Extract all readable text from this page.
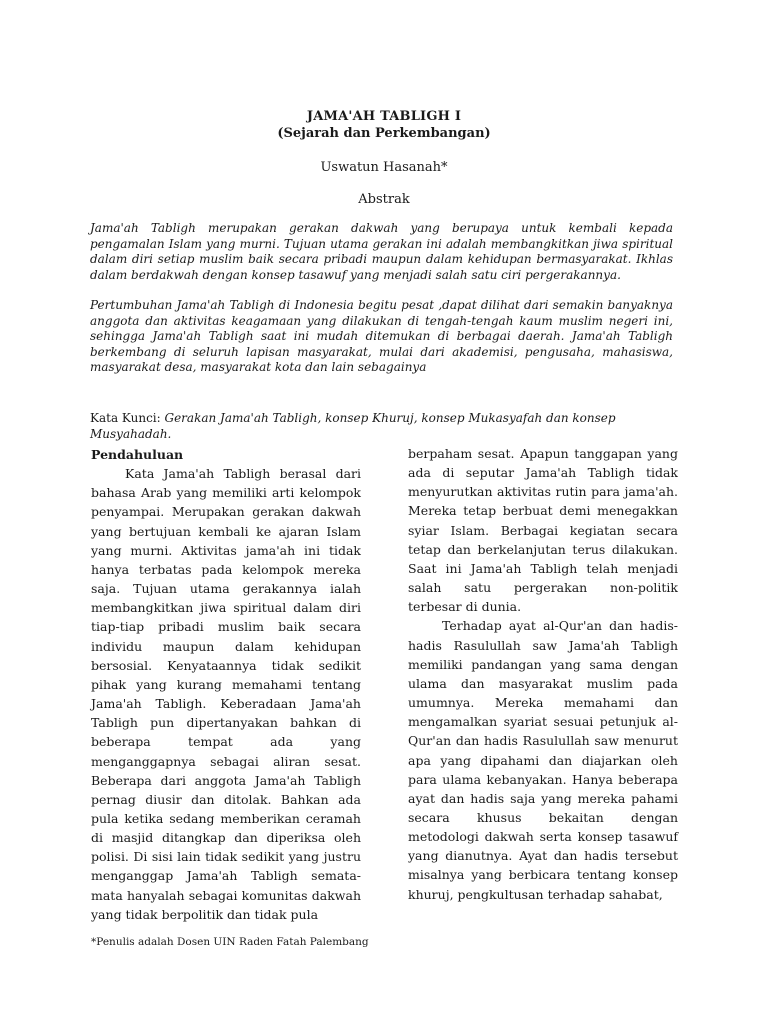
JAMA'AH TABLIGH I
(Sejarah dan Perkembangan)
Uswatun Hasanah*
Abstrak

Jama'ah Tabligh merupakan gerakan dakwah yang berupaya untuk kembali kepada pengamalan Islam yang murni. Tujuan utama gerakan ini adalah membangkitkan jiwa spiritual dalam diri setiap muslim baik secara pribadi maupun dalam kehidupan bermasyarakat. Ikhlas dalam berdakwah dengan konsep tasawuf yang menjadi salah satu ciri pergerakannya.

Pertumbuhan Jama'ah Tabligh di Indonesia begitu pesat ,dapat dilihat dari semakin banyaknya anggota dan aktivitas keagamaan yang dilakukan di tengah-tengah kaum muslim negeri ini, sehingga Jama'ah Tabligh saat ini mudah ditemukan di berbagai daerah. Jama'ah Tabligh berkembang di seluruh lapisan masyarakat, mulai dari akademisi, pengusaha, mahasiswa, masyarakat desa, masyarakat kota dan lain sebagainya

Kata Kunci: Gerakan Jama'ah Tabligh, konsep Khuruj, konsep Mukasyafah dan konsep Musyahadah.

Pendahuluan

Kata Jama'ah Tabligh berasal dari bahasa Arab yang memiliki arti kelompok penyampai. Merupakan gerakan dakwah yang bertujuan kembali ke ajaran Islam yang murni. Aktivitas jama'ah ini tidak hanya terbatas pada kelompok mereka saja. Tujuan utama gerakannya ialah membangkitkan jiwa spiritual dalam diri tiap-tiap pribadi muslim baik secara individu maupun dalam kehidupan bersosial. Kenyataannya tidak sedikit pihak yang kurang memahami tentang Jama'ah Tabligh. Keberadaan Jama'ah Tabligh pun dipertanyakan bahkan di beberapa tempat ada yang menganggapnya sebagai aliran sesat. Beberapa dari anggota Jama'ah Tabligh pernag diusir dan ditolak. Bahkan ada pula ketika sedang memberikan ceramah di masjid ditangkap dan diperiksa oleh polisi. Di sisi lain tidak sedikit yang justru menganggap Jama'ah Tabligh semata-mata hanyalah sebagai komunitas dakwah yang tidak berpolitik dan tidak pula

berpaham sesat. Apapun tanggapan yang ada di seputar Jama'ah Tabligh tidak menyurutkan aktivitas rutin para jama'ah. Mereka tetap berbuat demi menegakkan syiar Islam. Berbagai kegiatan secara tetap dan berkelanjutan terus dilakukan. Saat ini Jama'ah Tabligh telah menjadi salah satu pergerakan non-politik terbesar di dunia.

Terhadap ayat al-Qur'an dan hadis-hadis Rasulullah saw Jama'ah Tabligh memiliki pandangan yang sama dengan ulama dan masyarakat muslim pada umumnya. Mereka memahami dan mengamalkan syariat sesuai petunjuk al-Qur'an dan hadis Rasulullah saw menurut apa yang dipahami dan diajarkan oleh para ulama kebanyakan. Hanya beberapa ayat dan hadis saja yang mereka pahami secara khusus bekaitan dengan metodologi dakwah serta konsep tasawuf yang dianutnya. Ayat dan hadis tersebut misalnya yang berbicara tentang konsep khuruj, pengkultusan terhadap sahabat,

*Penulis adalah Dosen UIN Raden Fatah Palembang
